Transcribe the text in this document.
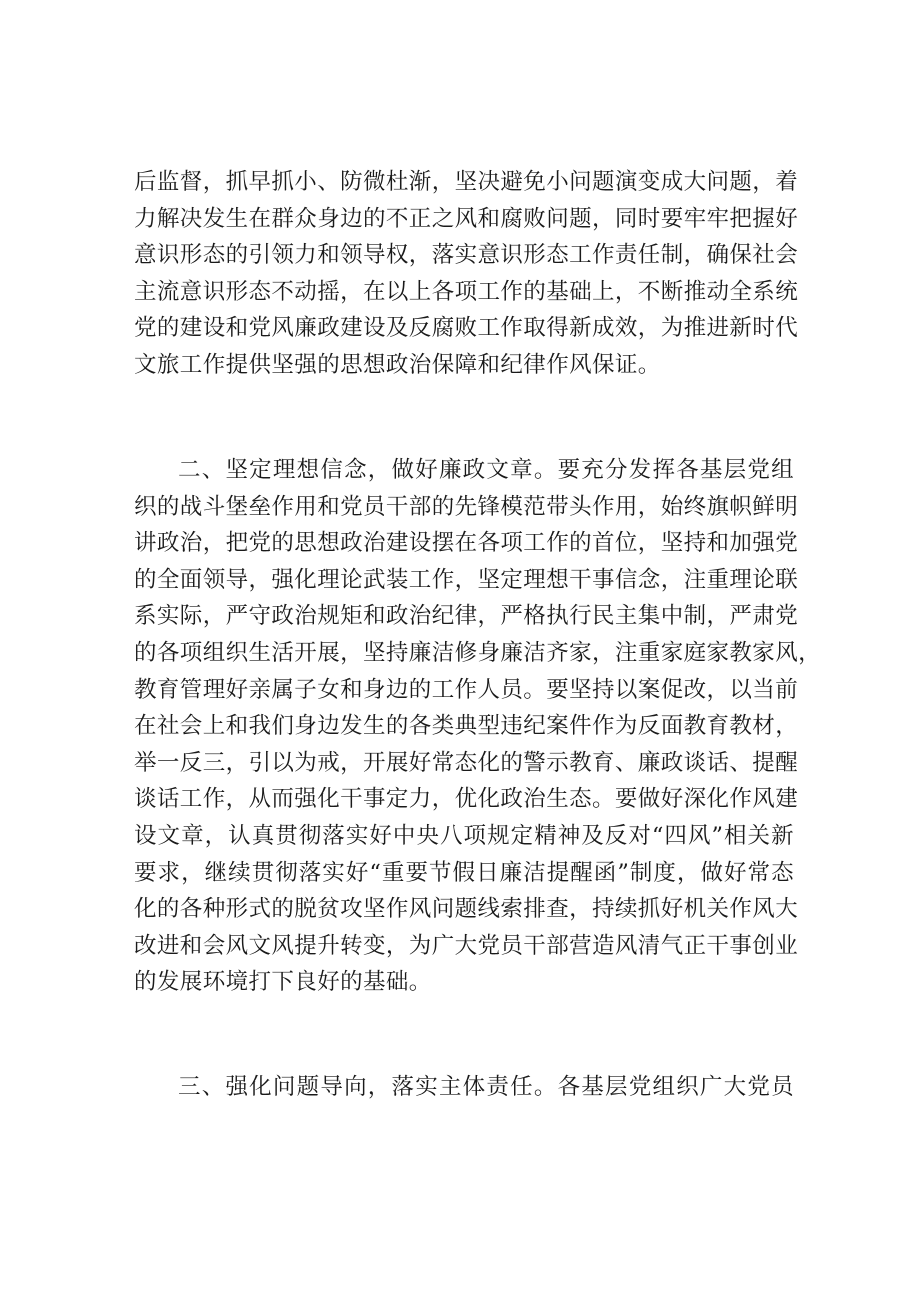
后监督，抓早抓小、防微杜渐，坚决避免小问题演变成大问题，着
力解决发生在群众身边的不正之风和腐败问题，同时要牢牢把握好
意识形态的引领力和领导权，落实意识形态工作责任制，确保社会
主流意识形态不动摇，在以上各项工作的基础上，不断推动全系统
党的建设和党风廉政建设及反腐败工作取得新成效，为推进新时代
文旅工作提供坚强的思想政治保障和纪律作风保证。
二、坚定理想信念，做好廉政文章。要充分发挥各基层党组
织的战斗堡垒作用和党员干部的先锋模范带头作用，始终旗帜鲜明
讲政治，把党的思想政治建设摆在各项工作的首位，坚持和加强党
的全面领导，强化理论武装工作，坚定理想干事信念，注重理论联
系实际，严守政治规矩和政治纪律，严格执行民主集中制，严肃党
的各项组织生活开展，坚持廉洁修身廉洁齐家，注重家庭家教家风，
教育管理好亲属子女和身边的工作人员。要坚持以案促改，以当前
在社会上和我们身边发生的各类典型违纪案件作为反面教育教材，
举一反三，引以为戒，开展好常态化的警示教育、廉政谈话、提醒
谈话工作，从而强化干事定力，优化政治生态。要做好深化作风建
设文章，认真贯彻落实好中央八项规定精神及反对“四风”相关新
要求，继续贯彻落实好“重要节假日廉洁提醒函”制度，做好常态
化的各种形式的脱贫攻坚作风问题线索排查，持续抓好机关作风大
改进和会风文风提升转变，为广大党员干部营造风清气正干事创业
的发展环境打下良好的基础。
三、强化问题导向，落实主体责任。各基层党组织广大党员
